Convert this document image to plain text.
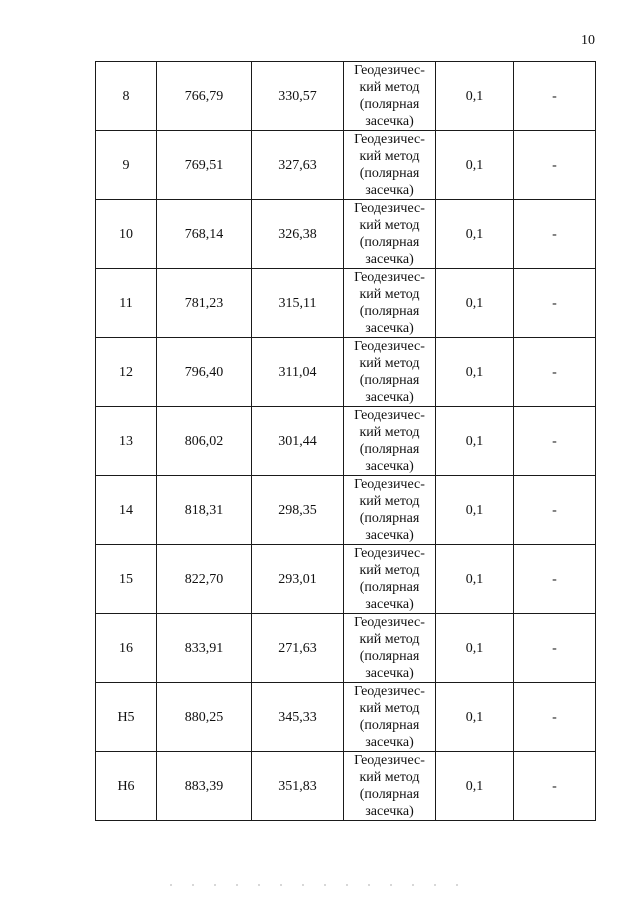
10
8	766,79	330,57	Геодезичес-
кий метод
(полярная
засечка)	0,1	-
9	769,51	327,63	Геодезичес-
кий метод
(полярная
засечка)	0,1	-
10	768,14	326,38	Геодезичес-
кий метод
(полярная
засечка)	0,1	-
11	781,23	315,11	Геодезичес-
кий метод
(полярная
засечка)	0,1	-
12	796,40	311,04	Геодезичес-
кий метод
(полярная
засечка)	0,1	-
13	806,02	301,44	Геодезичес-
кий метод
(полярная
засечка)	0,1	-
14	818,31	298,35	Геодезичес-
кий метод
(полярная
засечка)	0,1	-
15	822,70	293,01	Геодезичес-
кий метод
(полярная
засечка)	0,1	-
16	833,91	271,63	Геодезичес-
кий метод
(полярная
засечка)	0,1	-
Н5	880,25	345,33	Геодезичес-
кий метод
(полярная
засечка)	0,1	-
Н6	883,39	351,83	Геодезичес-
кий метод
(полярная
засечка)	0,1	-
